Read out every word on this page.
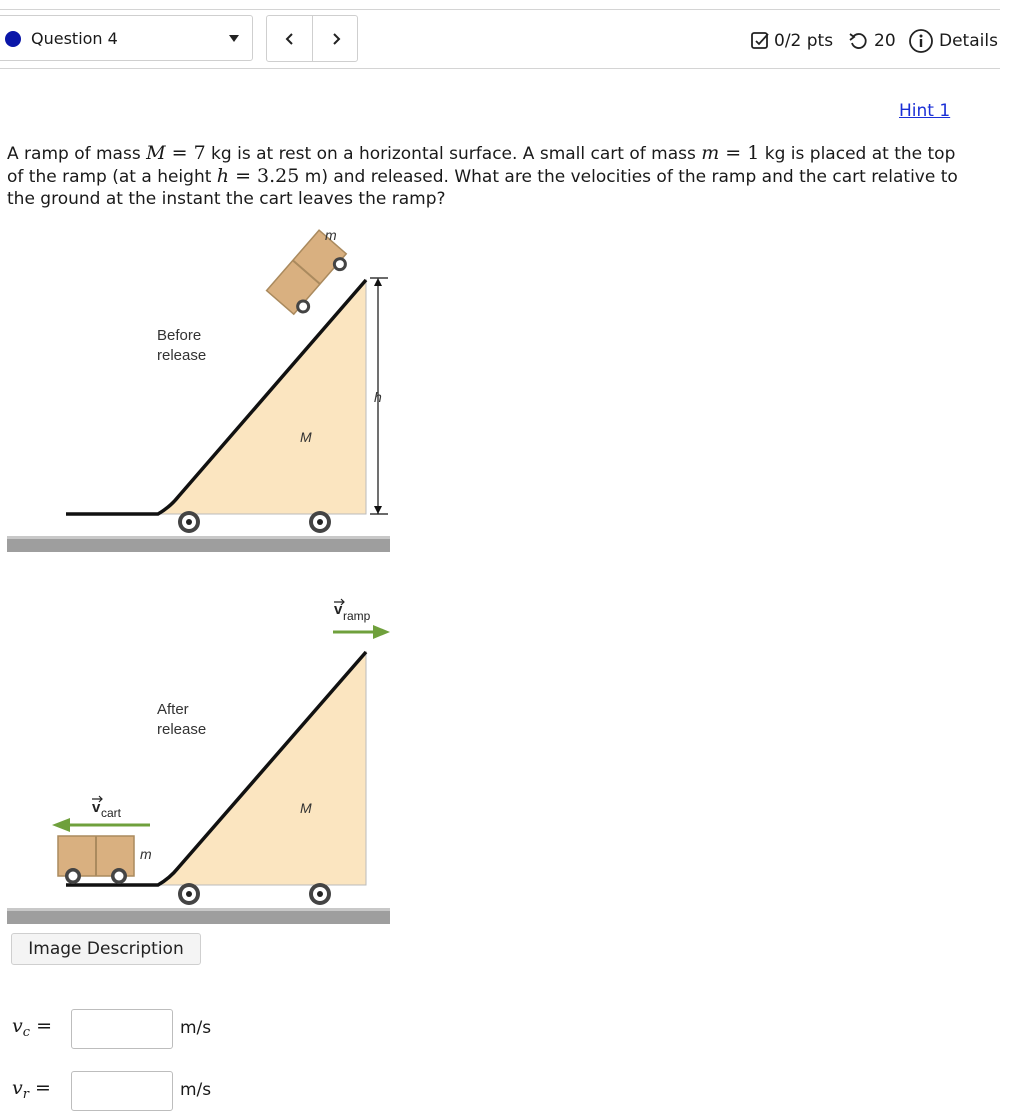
Question 4	0/2 pts 20	Details
Hint 1

A ramp of mass M = 7 kg is at rest on a horizontal surface. A small cart of mass m = 1 kg is placed at the top of the ramp (at a height h = 3.25 m) and released. What are the velocities of the ramp and the cart relative to the ground at the instant the cart leaves the ramp?

h
m
M
Before
release
m
M
v cart
v ramp
After
release
Image Description
$v_c$ =	m/s
$v_r$ =	m/s
